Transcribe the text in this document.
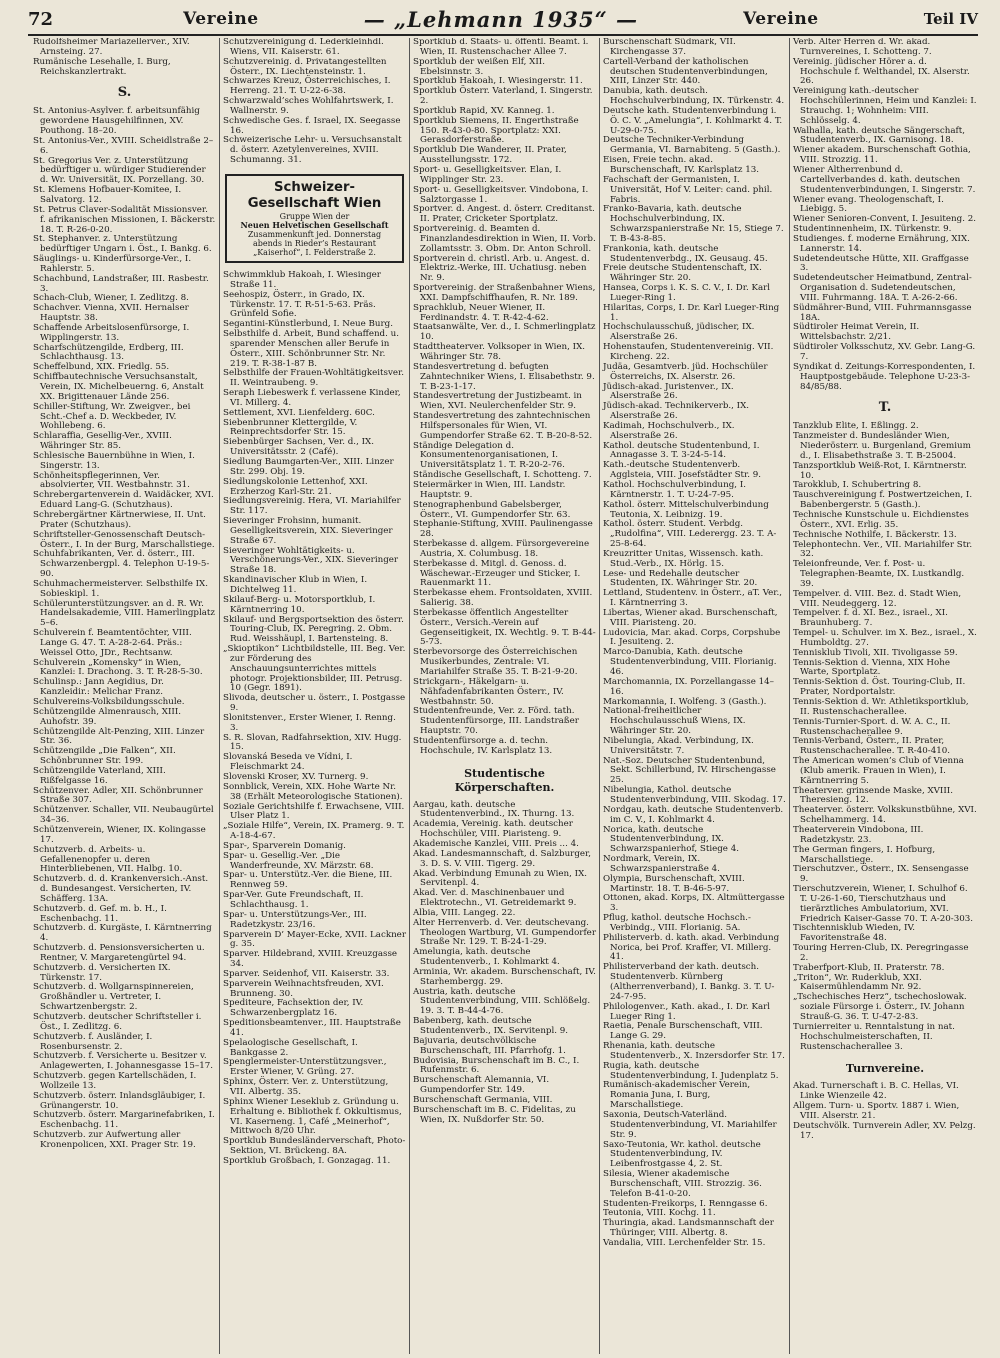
72	Vereine	— „Lehmann 1935“ —	Vereine	Teil IV

Rudolfsheimer Mariazellerver., XIV. Arnsteing. 27.

Rumänische Lesehalle, I. Burg, Reichskanzlertrakt.

S.

St. Antonius-Asylver. f. arbeitsunfähig gewordene Hausgehilfinnen, XV. Pouthong. 18–20.

St. Antonius-Ver., XVIII. Scheidlstraße 2–6.

St. Gregorius Ver. z. Unterstützung bedürftiger u. würdiger Studierender d. Wr. Universität, IX. Porzellang. 30.

St. Klemens Hofbauer-Komitee, I. Salvatorg. 12.

St. Petrus Claver-Sodalität Missionsver. f. afrikanischen Missionen, I. Bäckerstr. 18. T. R-26-0-20.

St. Stephanver. z. Unterstützung bedürftiger Ungarn i. Öst., I. Bankg. 6.

Säuglings- u. Kinderfürsorge-Ver., I. Rahlerstr. 5.

Schachbund, Landstraßer, III. Rasbestr. 3.

Schach-Club, Wiener, I. Zedlitzg. 8.

Schachver. Vienna, XVII. Hernalser Hauptstr. 38.

Schaffende Arbeitslosenfürsorge, I. Wipplingerstr. 13.

Scharfschützengilde, Erdberg, III. Schlachthausg. 13.

Scheffelbund, XIX. Friedlg. 55.

Schiffbautechnische Versuchsanstalt, Verein, IX. Michelbeuerng. 6, Anstalt XX. Brigittenauer Lände 256.

Schiller-Stiftung, Wr. Zweigver., bei Scht.-Chef a. D. Weckbeder, IV. Wohllebeng. 6.

Schlaraffia, Gesellig-Ver., XVIII. Währinger Str. 85.

Schlesische Bauernbühne in Wien, I. Singerstr. 13.

Schönheitspflegerinnen, Ver. absolvierter, VII. Westbahnstr. 31.

Schrebergartenverein d. Waidäcker, XVI. Eduard Lang-G. (Schutzhaus).

Schrebergärtner Kärtnerwiese, II. Unt. Prater (Schutzhaus).

Schriftsteller-Genossenschaft Deutsch-Österr., I. In der Burg, Marschallstiege.

Schuhfabrikanten, Ver. d. österr., III. Schwarzenbergpl. 4. Telephon U-19-5-90.

Schuhmachermeisterver. Selbsthilfe IX. Sobieskipl. 1.

Schülerunterstützungsver. an d. R. Wr. Handelsakademie, VIII. Hamerlingplatz 5–6.

Schulverein f. Beamtentöchter, VIII. Lange G. 47. T. A-28-2-64. Präs.: Weissel Otto, JDr., Rechtsanw.

Schulverein „Komensky“ in Wien, Kanzlei: I. Drachong. 3. T. R-28-5-30.

Schulinsp.: Jann Aegidius, Dr. Kanzleidir.: Melichar Franz.

Schulvereins-Volksbildungsschule.

Schützengilde Almenrausch, XIII. Auhofstr. 39.

Schützengilde Alt-Penzing, XIII. Linzer Str. 36.

Schützengilde „Die Falken“, XII. Schönbrunner Str. 199.

Schützengilde Vaterland, XIII. Rißfelgasse 16.

Schützenver. Adler, XII. Schönbrunner Straße 307.

Schützenver. Schaller, VII. Neubaugürtel 34–36.

Schützenverein, Wiener, IX. Kolingasse 17.

Schutzverb. d. Arbeits- u. Gefallenenopfer u. deren Hinterbliebenen, VII. Halbg. 10.

Schutzverb. d. d. Krankenversich.-Anst. d. Bundesangest. Versicherten, IV. Schäfferg. 13A.

Schutzverb. d. Gef. m. b. H., I. Eschenbachg. 11.

Schutzverb. d. Kurgäste, I. Kärntnerring 4.

Schutzverb. d. Pensionsversicherten u. Rentner, V. Margaretengürtel 94.

Schutzverb. d. Versicherten IX. Türkenstr. 17.

Schutzverb. d. Wollgarnspinnereien, Großhändler u. Vertreter, I. Schwartzenbergstr. 2.

Schutzverb. deutscher Schriftsteller i. Öst., I. Zedlitzg. 6.

Schutzverb. f. Ausländer, I. Rosenbursenstr. 2.

Schutzverb. f. Versicherte u. Besitzer v. Anlagewerten, I. Johannesgasse 15–17.

Schutzverb. gegen Kartellschäden, I. Wollzeile 13.

Schutzverb. österr. Inlandsgläubiger, I. Grünangerstr. 10.

Schutzverb. österr. Margarinefabriken, I. Eschenbachg. 11.

Schutzverb. zur Aufwertung aller Kronenpolicen, XXI. Prager Str. 19.

Schutzvereinigung d. Lederkleinhdl. Wiens, VII. Kaiserstr. 61.

Schutzvereinig. d. Privatangestellten Österr., IX. Liechtensteinstr. 1.

Schwarzes Kreuz, Österreichisches, I. Herreng. 21. T. U-22-6-38.

Schwarzwald’sches Wohlfahrtswerk, I. Wallnerstr. 9.

Schwedische Ges. f. Israel, IX. Seegasse 16.

Schweizerische Lehr- u. Versuchsanstalt d. österr. Azetylenvereines, XVIII. Schumanng. 31.

Schweizer-Gesellschaft Wien
Gruppe Wien der
Neuen Helvetischen Gesellschaft
Zusammenkunft jed. Donnerstag
abends in Rieder’s Restaurant
„Kaiserhof“, I. Felderstraße 2.

Schwimmklub Hakoah, I. Wiesinger Straße 11.

Seehospiz, Österr., in Grado, IX. Türkenstr. 17. T. R-51-5-63. Präs. Grünfeld Sofie.

Segantini-Künstlerbund, I. Neue Burg.

Selbsthilfe d. Arbeit, Bund schaffend. u. sparender Menschen aller Berufe in Österr., XIII. Schönbrunner Str. Nr. 219. T. R-38-1-87 B.

Selbsthilfe der Frauen-Wohltätigkeitsver. II. Weintraubeng. 9.

Seraph Liebeswerk f. verlassene Kinder, VI. Millerg. 4.

Settlement, XVI. Lienfelderg. 60C.

Siebenbrunner Klettergilde, V. Reinprechtsdorfer Str. 15.

Siebenbürger Sachsen, Ver. d., IX. Universitätsstr. 2 (Café).

Siedlung Baumgarten-Ver., XIII. Linzer Str. 299. Obj. 19.

Siedlungskolonie Lettenhof, XXI. Erzherzog Karl-Str. 21.

Siedlungsvereinig. Hera, VI. Mariahilfer Str. 117.

Sieveringer Frohsinn, humanit. Geselligkeitsverein, XIX. Sieveringer Straße 67.

Sieveringer Wohltätigkeits- u. Verschönerungs-Ver., XIX. Sieveringer Straße 18.

Skandinavischer Klub in Wien, I. Dichtelweg 11.

Skilauf-Berg- u. Motorsportklub, I. Kärntnerring 10.

Skilauf- und Bergsportsektion des österr. Touring-Club, IX. Peregring. 2. Obm. Rud. Weisshäupl, I. Bartensteing. 8.

„Skioptikon“ Lichtbildstelle, III. Beg. Ver. zur Förderung des Anschauungsunterrichtes mittels photogr. Projektionsbilder, III. Petrusg. 10 (Gegr. 1891).

Slivoda, deutscher u. österr., I. Postgasse 9.

Slonitstenver., Erster Wiener, I. Renng. 3.

S. R. Slovan, Radfahrsektion, XIV. Hugg. 15.

Slovanská Beseda ve Vídni, I. Fleischmarkt 24.

Slovenski Kroser, XV. Turnerg. 9.

Sonnblick, Verein, XIX. Hohe Warte Nr. 38 (Erhält Meteorologische Stationen).

Soziale Gerichtshilfe f. Erwachsene, VIII. Ulser Platz 1.

„Soziale Hilfe“, Verein, IX. Pramerg. 9. T. A-18-4-67.

Spar-, Sparverein Domanig.

Spar- u. Gesellig.-Ver. „Die Wanderfreunde, XV. Märzstr. 68.

Spar- u. Unterstütz.-Ver. die Biene, III. Rennweg 59.

Spar-Ver. Gute Freundschaft, II. Schlachthausg. 1.

Spar- u. Unterstützungs-Ver., III. Radetzkystr. 23/16.

Sparverein D’ Mayer-Ecke, XVII. Lackner g. 35.

Sparver. Hildebrand, XVIII. Kreuzgasse 34.

Sparver. Seidenhof, VII. Kaiserstr. 33.

Sparverein Weihnachtsfreuden, XVI. Brunneng. 30.

Spediteure, Fachsektion der, IV. Schwarzenbergplatz 16.

Speditionsbeamtenver., III. Hauptstraße 41.

Spelaologische Gesellschaft, I. Bankgasse 2.

Spenglermeister-Unterstützungsver., Erster Wiener, V. Grüng. 27.

Sphinx, Österr. Ver. z. Unterstützung, VII. Albertg. 35.

Sphinx Wiener Leseklub z. Gründung u. Erhaltung e. Bibliothek f. Okkultismus, VI. Kaserneng. 1, Café „Meinerhof“, Mittwoch 8/20 Uhr.

Sportklub Bundesländerverschaft, Photo-Sektion, VI. Brückeng. 8A.

Sportklub Großbach, I. Gonzagag. 11.

Sportklub d. Staats- u. öffentl. Beamt. i. Wien, II. Rustenschacher Allee 7.

Sportklub der weißen Elf, XII. Ebelsinnstr. 3.

Sportklub Hakoah, I. Wiesingerstr. 11.

Sportklub Österr. Vaterland, I. Singerstr. 2.

Sportklub Rapid, XV. Kanneg. 1.

Sportklub Siemens, II. Engerthstraße 150. R-43-0-80. Sportplatz: XXI. Gerasdorferstraße.

Sportklub Die Wanderer, II. Prater, Ausstellungsstr. 172.

Sport- u. Geselligkeitsver. Elan, I. Wipplinger Str. 23.

Sport- u. Geselligkeitsver. Vindobona, I. Salztorgasse 1.

Sportver. d. Angest. d. österr. Creditanst. II. Prater, Cricketer Sportplatz.

Sportvereinig. d. Beamten d. Finanzlandesdirektion in Wien, II. Vorb. Zollamtsstr. 3. Obm. Dr. Anton Schroll.

Sportverein d. christl. Arb. u. Angest. d. Elektriz.-Werke, III. Uchatiusg. neben Nr. 9.

Sportvereinig. der Straßenbahner Wiens, XXI. Dampfschiffhaufen, R. Nr. 189.

Sprachklub, Neuer Wiener, II. Ferdinandstr. 4. T. R-42-4-62.

Staatsanwälte, Ver. d., I. Schmerlingplatz 10.

Stadttheaterver. Volksoper in Wien, IX. Währinger Str. 78.

Standesvertretung d. befugten Zahntechniker Wiens, I. Elisabethstr. 9. T. B-23-1-17.

Standesvertretung der Justizbeamt. in Wien, XVI. Neulerchenfelder Str. 9.

Standesvertretung des zahntechnischen Hilfspersonales für Wien, VI. Gumpendorfer Straße 62. T. B-20-8-52.

Ständige Delegation d. Konsumentenorganisationen, I. Universitätsplatz 1. T. R-20-2-76.

Ständische Gesellschaft, I. Schotteng. 7.

Steiermärker in Wien, III. Landstr. Hauptstr. 9.

Stenographenbund Gabelsberger, Österr., VI. Gumpendorfer Str. 63.

Stephanie-Stiftung, XVIII. Paulinengasse 28.

Sterbekasse d. allgem. Fürsorgevereine Austria, X. Columbusg. 18.

Sterbekasse d. Mitgl. d. Genoss. d. Wäschewar.-Erzeuger und Sticker, I. Rauenmarkt 11.

Sterbekasse ehem. Frontsoldaten, XVIII. Salierig. 38.

Sterbekasse öffentlich Angestellter Österr., Versich.-Verein auf Gegenseitigkeit, IX. Wechtlg. 9. T. B-44-5-73.

Sterbevorsorge des Österreichischen Musikerbundes, Zentrale: VI. Mariahilfer Straße 35. T. B-21-9-20.

Strickgarn-, Häkelgarn- u. Nähfadenfabrikanten Österr., IV. Westbahnstr. 50.

Studentenfreunde, Ver. z. Förd. tath. Studentenfürsorge, III. Landstraßer Hauptstr. 70.

Studentenfürsorge a. d. techn. Hochschule, IV. Karlsplatz 13.

Studentische Körperschaften.

Aargau, kath. deutsche Studentenverbind., IX. Thurng. 13.

Academia, Vereinig. kath. deutscher Hochschüler, VIII. Piaristeng. 9.

Akademische Kanzlei, VIII. Preis ... 4.

Akad. Landesmannschaft, d. Salzburger, 3. D. S. V. VIII. Tigerg. 29.

Akad. Verbindung Emunah zu Wien, IX. Servitenpl. 4.

Akad. Ver. d. Maschinenbauer und Elektrotechn., VI. Getreidemarkt 9.

Albia, VIII. Langeg. 22.

Alter Herrenverb. d. Ver. deutschevang. Theologen Wartburg, VI. Gumpendorfer Straße Nr. 129. T. B-24-1-29.

Amelungia, kath. deutsche Studentenverb., I. Kohlmarkt 4.

Arminia, Wr. akadem. Burschenschaft, IV. Starhembergg. 29.

Austria, kath. deutsche Studentenverbindung, VIII. Schlößelg. 19. 3. T. B-44-4-76.

Babenberg, kath. deutsche Studentenverb., IX. Servitenpl. 9.

Bajuvaria, deutschvölkische Burschenschaft, III. Pfarrhofg. 1.

Budovisia, Burschenschaft im B. C., I. Rufenmstr. 6.

Burschenschaft Alemannia, VI. Gumpendorfer Str. 149.

Burschenschaft Germania, VIII.

Burschenschaft im B. C. Fidelitas, zu Wien, IX. Nußdorfer Str. 50.

Burschenschaft Südmark, VII. Kirchengasse 37.

Cartell-Verband der katholischen deutschen Studentenverbindungen, XIII, Linzer Str. 440.

Danubia, kath. deutsch. Hochschulverbindung, IX. Türkenstr. 4.

Deutsche kath. Studentenverbindung i. Ö. C. V. „Amelungia“, I. Kohlmarkt 4. T. U-29-0-75.

Deutsche Techniker-Verbindung Germania, VI. Barnabiteng. 5 (Gasth.).

Eisen, Freie techn. akad. Burschenschaft, IV. Karlsplatz 13.

Fachschaft der Germanisten, I. Universität, Hof V. Leiter: cand. phil. Fabris.

Franko-Bavaria, kath. deutsche Hochschulverbindung, IX. Schwarzspanierstraße Nr. 15, Stiege 7. T. B-43-8-85.

Frankonia, kath. deutsche Studentenverbdg., IX. Geusaug. 45.

Freie deutsche Studentenschaft, IX. Währinger Str. 20.

Hansea, Corps i. K. S. C. V., I. Dr. Karl Lueger-Ring 1.

Hilaritas, Corps, I. Dr. Karl Lueger-Ring 1.

Hochschulausschuß, jüdischer, IX. Alserstraße 26.

Hohenstaufen, Studentenvereinig. VII. Kircheng. 22.

Judäa, Gesamtverb. jüd. Hochschüler Österreichs, IX. Alserstr. 26.

Jüdisch-akad. Juristenver., IX. Alserstraße 26.

Jüdisch-akad. Technikerverb., IX. Alserstraße 26.

Kadimah, Hochschulverb., IX. Alserstraße 26.

Kathol. deutsche Studentenbund, I. Annagasse 3. T. 3-24-5-14.

Kath.-deutsche Studentenverb. Agglsteia, VIII. Josefstädter Str. 9.

Kathol. Hochschulverbindung, I. Kärntnerstr. 1. T. U-24-7-95.

Kathol. österr. Mittelschulverbindung Teutonia, X. Leibnizg. 19.

Kathol. österr. Student. Verbdg. „Rudolfina“, VIII. Lederergg. 23. T. A-25-8-64.

Kreuzritter Unitas, Wissensch. kath. Stud.-Verb., IX. Hörlg. 15.

Lese- und Redehalle deutscher Studenten, IX. Währinger Str. 20.

Lettland, Studentenv. in Österr., aT. Ver., I. Kärntnerring 3.

Libertas, Wiener akad. Burschenschaft, VIII. Piaristeng. 20.

Ludovicia, Mar. akad. Corps, Corpshube I. Jesuiteng. 2.

Marco-Danubia, Kath. deutsche Studentenverbindung, VIII. Florianig. 46.

Marchomannia, IX. Porzellangasse 14–16.

Markomannia, I. Wolfeng. 3 (Gasth.).

National-freiheitlicher Hochschulausschuß Wiens, IX. Währinger Str. 20.

Nibelungia, Akad. Verbindung, IX. Universitätstr. 7.

Nat.-Soz. Deutscher Studentenbund, Sekt. Schillerbund, IV. Hirschengasse 25.

Nibelungia, Kathol. deutsche Studentenverbindung, VIII. Skodag. 17.

Nordgau, kath. deutsche Studentenverb. im C. V., I. Kohlmarkt 4.

Norica, kath. deutsche Studentenverbindung, IX. Schwarzspanierhof, Stiege 4.

Nordmark, Verein, IX. Schwarzspanierstraße 4.

Olympia, Burschenschaft, XVIII. Martinstr. 18. T. B-46-5-97.

Ottonen, akad. Korps, IX. Altmüttergasse 3.

Pflug, kathol. deutsche Hochsch.-Verbindg., VIII. Florianig. 5A.

Philisterverb. d. kath. akad. Verbindung Norica, bei Prof. Kraffer, VI. Millerg. 41.

Philisterverband der kath. deutsch. Studentenverb. Kürnberg (Altherrenverband), I. Bankg. 3. T. U-24-7-95.

Philologenver., Kath. akad., I. Dr. Karl Lueger Ring 1.

Raetia, Penale Burschenschaft, VIII. Lange G. 29.

Rhenania, kath. deutsche Studentenverb., X. Inzersdorfer Str. 17.

Rugia, kath. deutsche Studentenverbindung, I. Judenplatz 5.

Rumänisch-akademischer Verein, Romania Juna, I. Burg, Marschallstiege.

Saxonia, Deutsch-Vaterländ. Studentenverbindung, VI. Mariahilfer Str. 9.

Saxo-Teutonia, Wr. kathol. deutsche Studentenverbindung, IV. Leibenfrostgasse 4, 2. St.

Silesia, Wiener akademische Burschenschaft, VIII. Strozzig. 36. Telefon B-41-0-20.

Studenten-Freikorps, I. Renngasse 6.

Teutonia, VIII. Kochg. 11.

Thuringia, akad. Landsmannschaft der Thüringer, VIII. Albertg. 8.

Vandalia, VIII. Lerchenfelder Str. 15.

Verb. Alter Herren d. Wr. akad. Turnvereines, I. Schotteng. 7.

Vereinig. jüdischer Hörer a. d. Hochschule f. Welthandel, IX. Alserstr. 26.

Vereinigung kath.-deutscher Hochschülerinnen, Heim und Kanzlei: I. Strauchg. 1; Wohnheim: VIII. Schlösselg. 4.

Walhalla, kath. deutsche Sängerschaft, Studentenverb., IX. Garnisong. 18.

Wiener akadem. Burschenschaft Gothia, VIII. Strozzig. 11.

Wiener Altherrenbund d. Cartellverbandes d. kath. deutschen Studentenverbindungen, I. Singerstr. 7.

Wiener evang. Theologenschaft, I. Liebigg. 5.

Wiener Senioren-Convent, I. Jesuiteng. 2.

Studentinnenheim, IX. Türkenstr. 9.

Studienges. f. moderne Ernährung, XIX. Lannerstr. 14.

Sudetendeutsche Hütte, XII. Graffgasse 3.

Sudetendeutscher Heimatbund, Zentral-Organisation d. Sudetendeutschen, VIII. Fuhrmanng. 18A. T. A-26-2-66.

Südmährer-Bund, VIII. Fuhrmannsgasse 18A.

Südtiroler Heimat Verein, II. Wittelsbachstr. 2/21.

Südtiroler Volksschutz, XV. Gebr. Lang-G. 7.

Syndikat d. Zeitungs-Korrespondenten, I. Hauptpostgebäude. Telephone U-23-3-84/85/88.

T.

Tanzklub Elite, I. Eßlingg. 2.

Tanzmeister d. Bundesländer Wien, Niederösterr. u. Burgenland, Gremium d., I. Elisabethstraße 3. T. B-25004.

Tanzsportklub Weiß-Rot, I. Kärntnerstr. 10.

Tarokklub, I. Schubertring 8.

Tauschvereinigung f. Postwertzeichen, I. Babenbergerstr. 5 (Gasth.).

Technische Kunstschule u. Eichdienstes Österr., XVI. Erlig. 35.

Technische Nothilfe, I. Bäckerstr. 13.

Telephontechn. Ver., VII. Mariahilfer Str. 32.

Teleionfreunde, Ver. f. Post- u. Telegraphen-Beamte, IX. Lustkandlg. 39.

Tempelver. d. VIII. Bez. d. Stadt Wien, VIII. Neudeggerg. 12.

Tempelver. f. d. XI. Bez., israel., XI. Braunhuberg. 7.

Tempel- u. Schulver. im X. Bez., israel., X. Humboldtg. 27.

Tennisklub Tivoli, XII. Tivoligasse 59.

Tennis-Sektion d. Vienna, XIX Hohe Warte, Sportplatz.

Tennis-Sektion d. Öst. Touring-Club, II. Prater, Nordportalstr.

Tennis-Sektion d. Wr. Athletiksportklub, II. Rustenschacherallee.

Tennis-Turnier-Sport. d. W. A. C., II. Rustenschacherallee 9.

Tennis-Verband, Österr., II. Prater, Rustenschacherallee. T. R-40-410.

The American women’s Club of Vienna (Klub amerik. Frauen in Wien), I. Kärntnerring 5.

Theaterver. grinsende Maske, XVIII. Theresieng. 12.

Theaterver. österr. Volkskunstbühne, XVI. Schelhammerg. 14.

Theaterverein Vindobona, III. Radetzkystr. 23.

The German fingers, I. Hofburg, Marschallstiege.

Tierschutzver., Österr., IX. Sensengasse 9.

Tierschutzverein, Wiener, I. Schulhof 6. T. U-26-1-60, Tierschutzhaus und tierärztliches Ambulatorium, XVI. Friedrich Kaiser-Gasse 70. T. A-20-303.

Tischtennisklub Wieden, IV. Favoritenstraße 48.

Touring Herren-Club, IX. Peregringasse 2.

Traberfport-Klub, II. Praterstr. 78.

„Triton“, Wr. Ruderklub, XXI. Kaisermühlendamm Nr. 92.

„Tschechisches Herz“, tschechoslowak. soziale Fürsorge i. Österr., IV. Johann Strauß-G. 36. T. U-47-2-83.

Turnierreiter u. Renntalstung in nat. Hochschulmeisterschaften, II. Rustenschacherallee 3.

Turnvereine.

Akad. Turnerschaft i. B. C. Hellas, VI. Linke Wienzeile 42.

Allgem. Turn- u. Sportv. 1887 i. Wien, VIII. Alserstr. 21.

Deutschvölk. Turnverein Adler, XV. Pelzg. 17.
